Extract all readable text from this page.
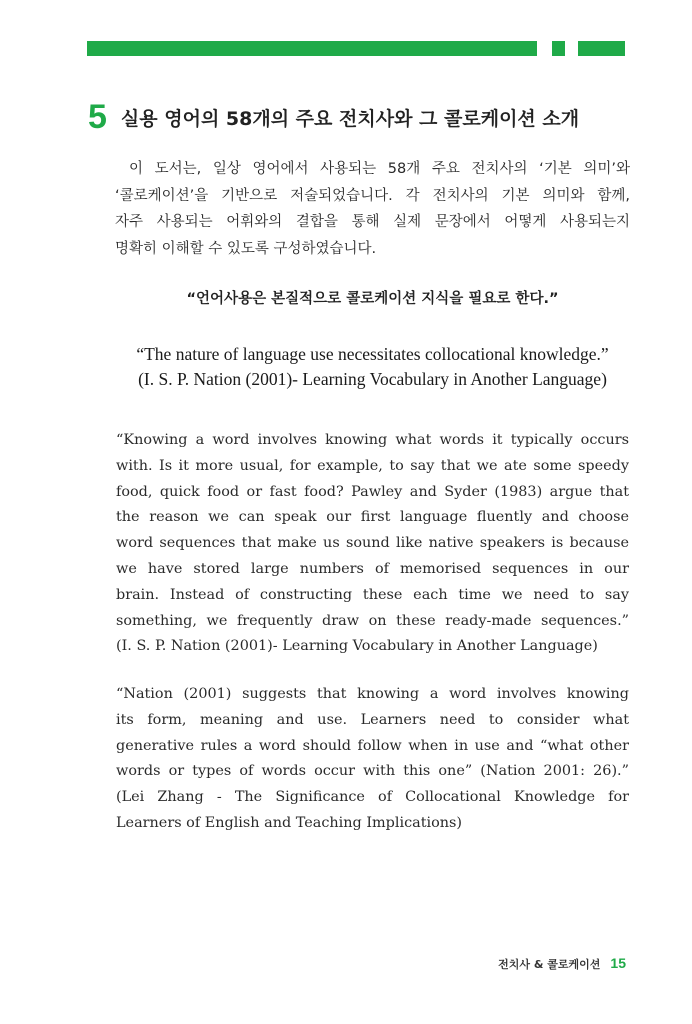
5 실용 영어의 58개의 주요 전치사와 그 콜로케이션 소개
이 도서는, 일상 영어에서 사용되는 58개 주요 전치사의 ‘기본 의미’와
‘콜로케이션’을 기반으로 저술되었습니다. 각 전치사의 기본 의미와 함께,
자주 사용되는 어휘와의 결합을 통해 실제 문장에서 어떻게 사용되는지
명확히 이해할 수 있도록 구성하였습니다.
“언어사용은 본질적으로 콜로케이션 지식을 필요로 한다.”
“The nature of language use necessitates collocational knowledge.”
(I. S. P. Nation (2001)- Learning Vocabulary in Another Language)
“Knowing a word involves knowing what words it typically occurs
with. Is it more usual, for example, to say that we ate some speedy
food, quick food or fast food? Pawley and Syder (1983) argue that
the reason we can speak our first language fluently and choose
word sequences that make us sound like native speakers is because
we have stored large numbers of memorised sequences in our
brain. Instead of constructing these each time we need to say
something, we frequently draw on these ready-made sequences.”
(I. S. P. Nation (2001)- Learning Vocabulary in Another Language)
“Nation (2001) suggests that knowing a word involves knowing
its form, meaning and use. Learners need to consider what
generative rules a word should follow when in use and “what other
words or types of words occur with this one” (Nation 2001: 26).”
(Lei Zhang - The Significance of Collocational Knowledge for
Learners of English and Teaching Implications)
전치사 & 콜로케이션 15
